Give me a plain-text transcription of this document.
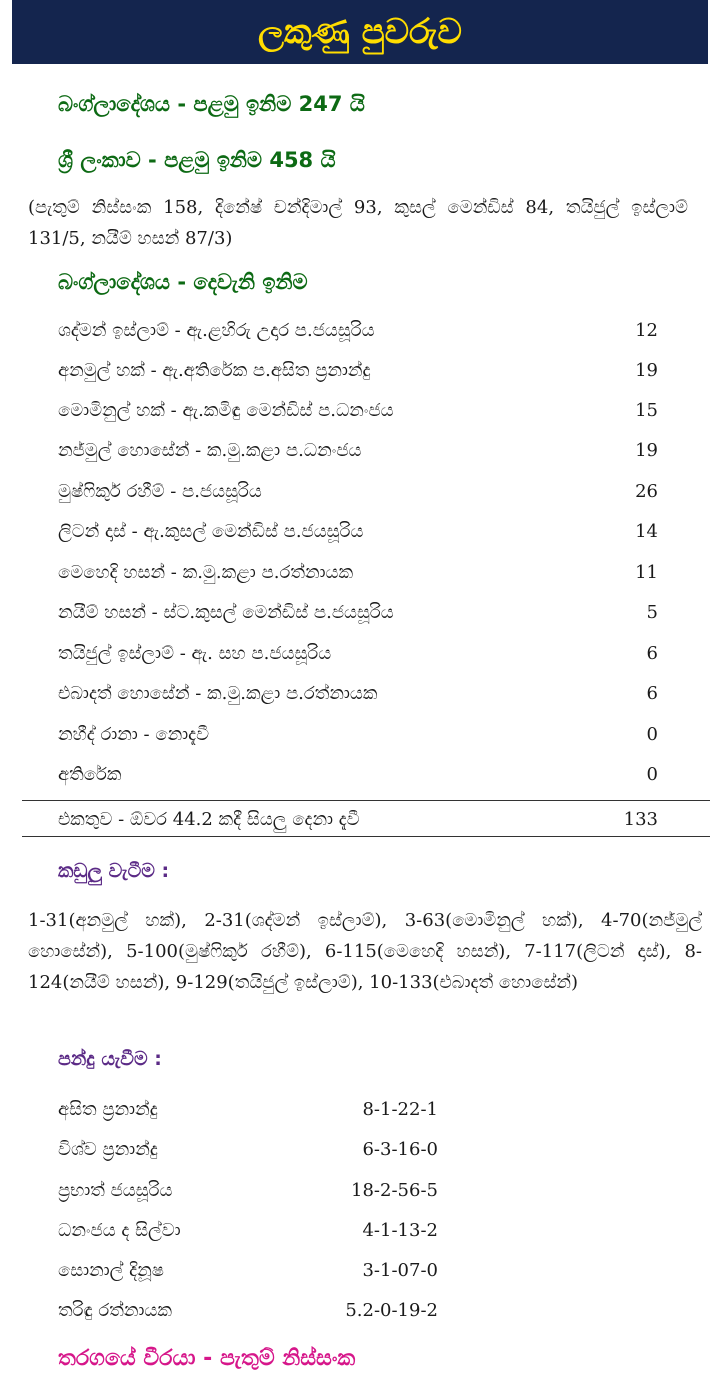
ලකුණු පුවරුව
බංග්ලාදේශය - පළමු ඉනිම 247 යි
ශ්‍රී ලංකාව - පළමු ඉනිම 458 යි
(පැතුම් නිස්සංක 158, දිනේෂ් චන්දිමාල් 93, කුසල් මෙන්ඩිස් 84, තයිජුල් ඉස්ලාම් 131/5, නයීම් හසන් 87/3)
බංග්ලාදේශය - දෙවැනි ඉනිම
ශද්මන් ඉස්ලාම් - ඇ.ළහිරු උදාර ප.ජයසූරිය	12
අනමුල් හක් - ඇ.අතිරේක ප.අසිත ප්‍රනාන්දු	19
මොමිනුල් හක් - ඇ.කමිඳු මෙන්ඩිස් ප.ධනංජය	15
නජ්මුල් හොසේන් - ක.මු.කළා ප.ධනංජය	19
මුෂ්ෆිකුර් රහීම් - ප.ජයසූරිය	26
ලිටන් දාස් - ඇ.කුසල් මෙන්ඩිස් ප.ජයසූරිය	14
මෙහෙදි හසන් - ක.මු.කළා ප.රත්නායක	11
නයීම් හසන් - ස්ට.කුසල් මෙන්ඩිස් ප.ජයසූරිය	5
තයිජුල් ඉස්ලාම් - ඇ. සහ ප.ජයසූරිය	6
එබාදත් හොසේන් - ක.මු.කළා ප.රත්නායක	6
නහීද් රානා - නොදැවී	0
අතිරේක	0
එකතුව - ඕවර 44.2 කදී සියලු දෙනා දැවී	133
කඩුලු වැටීම :
1-31(අනමුල් හක්), 2-31(ශද්මන් ඉස්ලාම්), 3-63(මොමිනුල් හක්), 4-70(නජ්මුල් හොසේන්), 5-100(මුෂ්ෆිකුර් රහීම්), 6-115(මෙහෙදි හසන්), 7-117(ලිටන් දාස්), 8-124(නයීම් හසන්), 9-129(තයිජුල් ඉස්ලාම්), 10-133(එබාදත් හොසේන්)
පන්දු යැවීම :
අසිත ප්‍රනාන්දු	8-1-22-1
විශ්ව ප්‍රනාන්දු	6-3-16-0
ප්‍රභාත් ජයසූරිය	18-2-56-5
ධනංජය ද සිල්වා	4-1-13-2
සොනාල් දිනූෂ	3-1-07-0
තරිඳු රත්නායක	5.2-0-19-2
තරගයේ වීරයා - පැතුම් නිස්සංක
